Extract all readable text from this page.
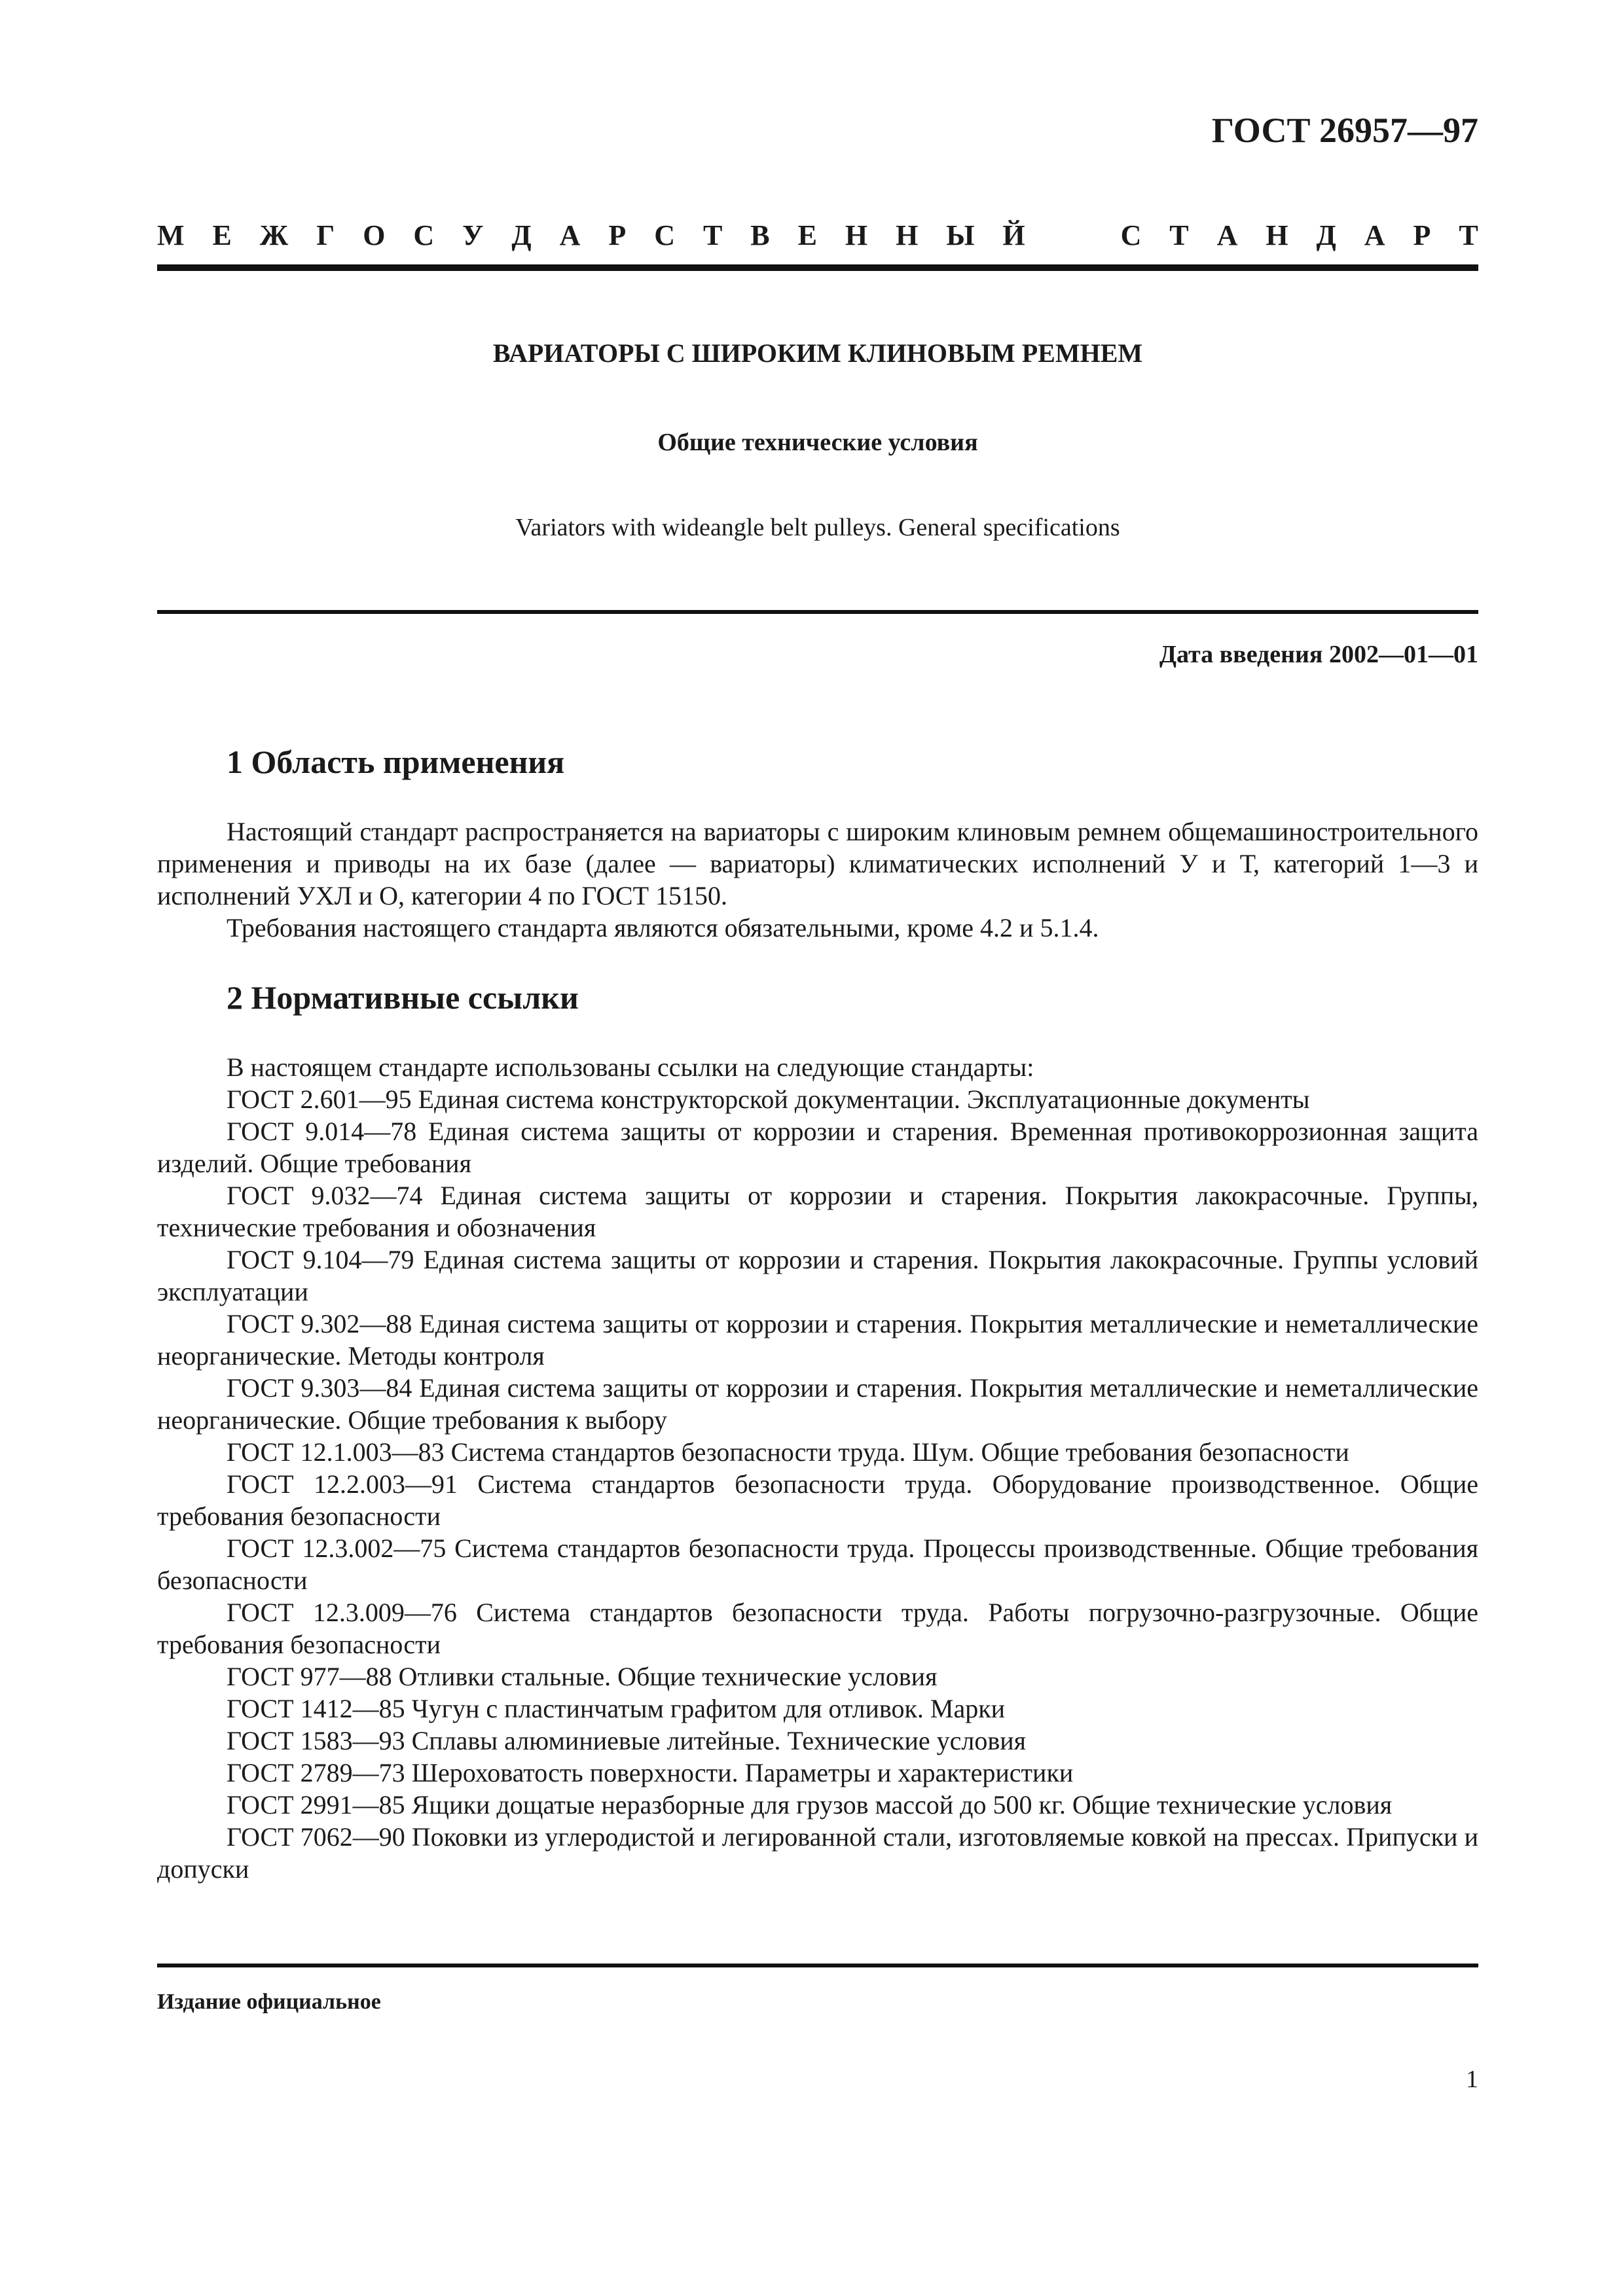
ГОСТ 26957—97
М Е Ж Г О С У Д А Р С Т В Е Н Н Ы Й	С Т А Н Д А Р Т
ВАРИАТОРЫ С ШИРОКИМ КЛИНОВЫМ РЕМНЕМ
Общие технические условия
Variators with wideangle belt pulleys. General specifications
Дата введения 2002—01—01
1 Область применения

Настоящий стандарт распространяется на вариаторы с широким клиновым ремнем общемашиностроительного применения и приводы на их базе (далее — вариаторы) климатических исполнений У и Т, категорий 1—3 и исполнений УХЛ и О, категории 4 по ГОСТ 15150.

Требования настоящего стандарта являются обязательными, кроме 4.2 и 5.1.4.

2 Нормативные ссылки

В настоящем стандарте использованы ссылки на следующие стандарты:

ГОСТ 2.601—95 Единая система конструкторской документации. Эксплуатационные документы

ГОСТ 9.014—78 Единая система защиты от коррозии и старения. Временная противокоррозионная защита изделий. Общие требования

ГОСТ 9.032—74 Единая система защиты от коррозии и старения. Покрытия лакокрасочные. Группы, технические требования и обозначения

ГОСТ 9.104—79 Единая система защиты от коррозии и старения. Покрытия лакокрасочные. Группы условий эксплуатации

ГОСТ 9.302—88 Единая система защиты от коррозии и старения. Покрытия металлические и неметаллические неорганические. Методы контроля

ГОСТ 9.303—84 Единая система защиты от коррозии и старения. Покрытия металлические и неметаллические неорганические. Общие требования к выбору

ГОСТ 12.1.003—83 Система стандартов безопасности труда. Шум. Общие требования безопасности

ГОСТ 12.2.003—91 Система стандартов безопасности труда. Оборудование производственное. Общие требования безопасности

ГОСТ 12.3.002—75 Система стандартов безопасности труда. Процессы производственные. Общие требования безопасности

ГОСТ 12.3.009—76 Система стандартов безопасности труда. Работы погрузочно-разгрузочные. Общие требования безопасности

ГОСТ 977—88 Отливки стальные. Общие технические условия

ГОСТ 1412—85 Чугун с пластинчатым графитом для отливок. Марки

ГОСТ 1583—93 Сплавы алюминиевые литейные. Технические условия

ГОСТ 2789—73 Шероховатость поверхности. Параметры и характеристики

ГОСТ 2991—85 Ящики дощатые неразборные для грузов массой до 500 кг. Общие технические условия

ГОСТ 7062—90 Поковки из углеродистой и легированной стали, изготовляемые ковкой на прессах. Припуски и допуски

Издание официальное
1
